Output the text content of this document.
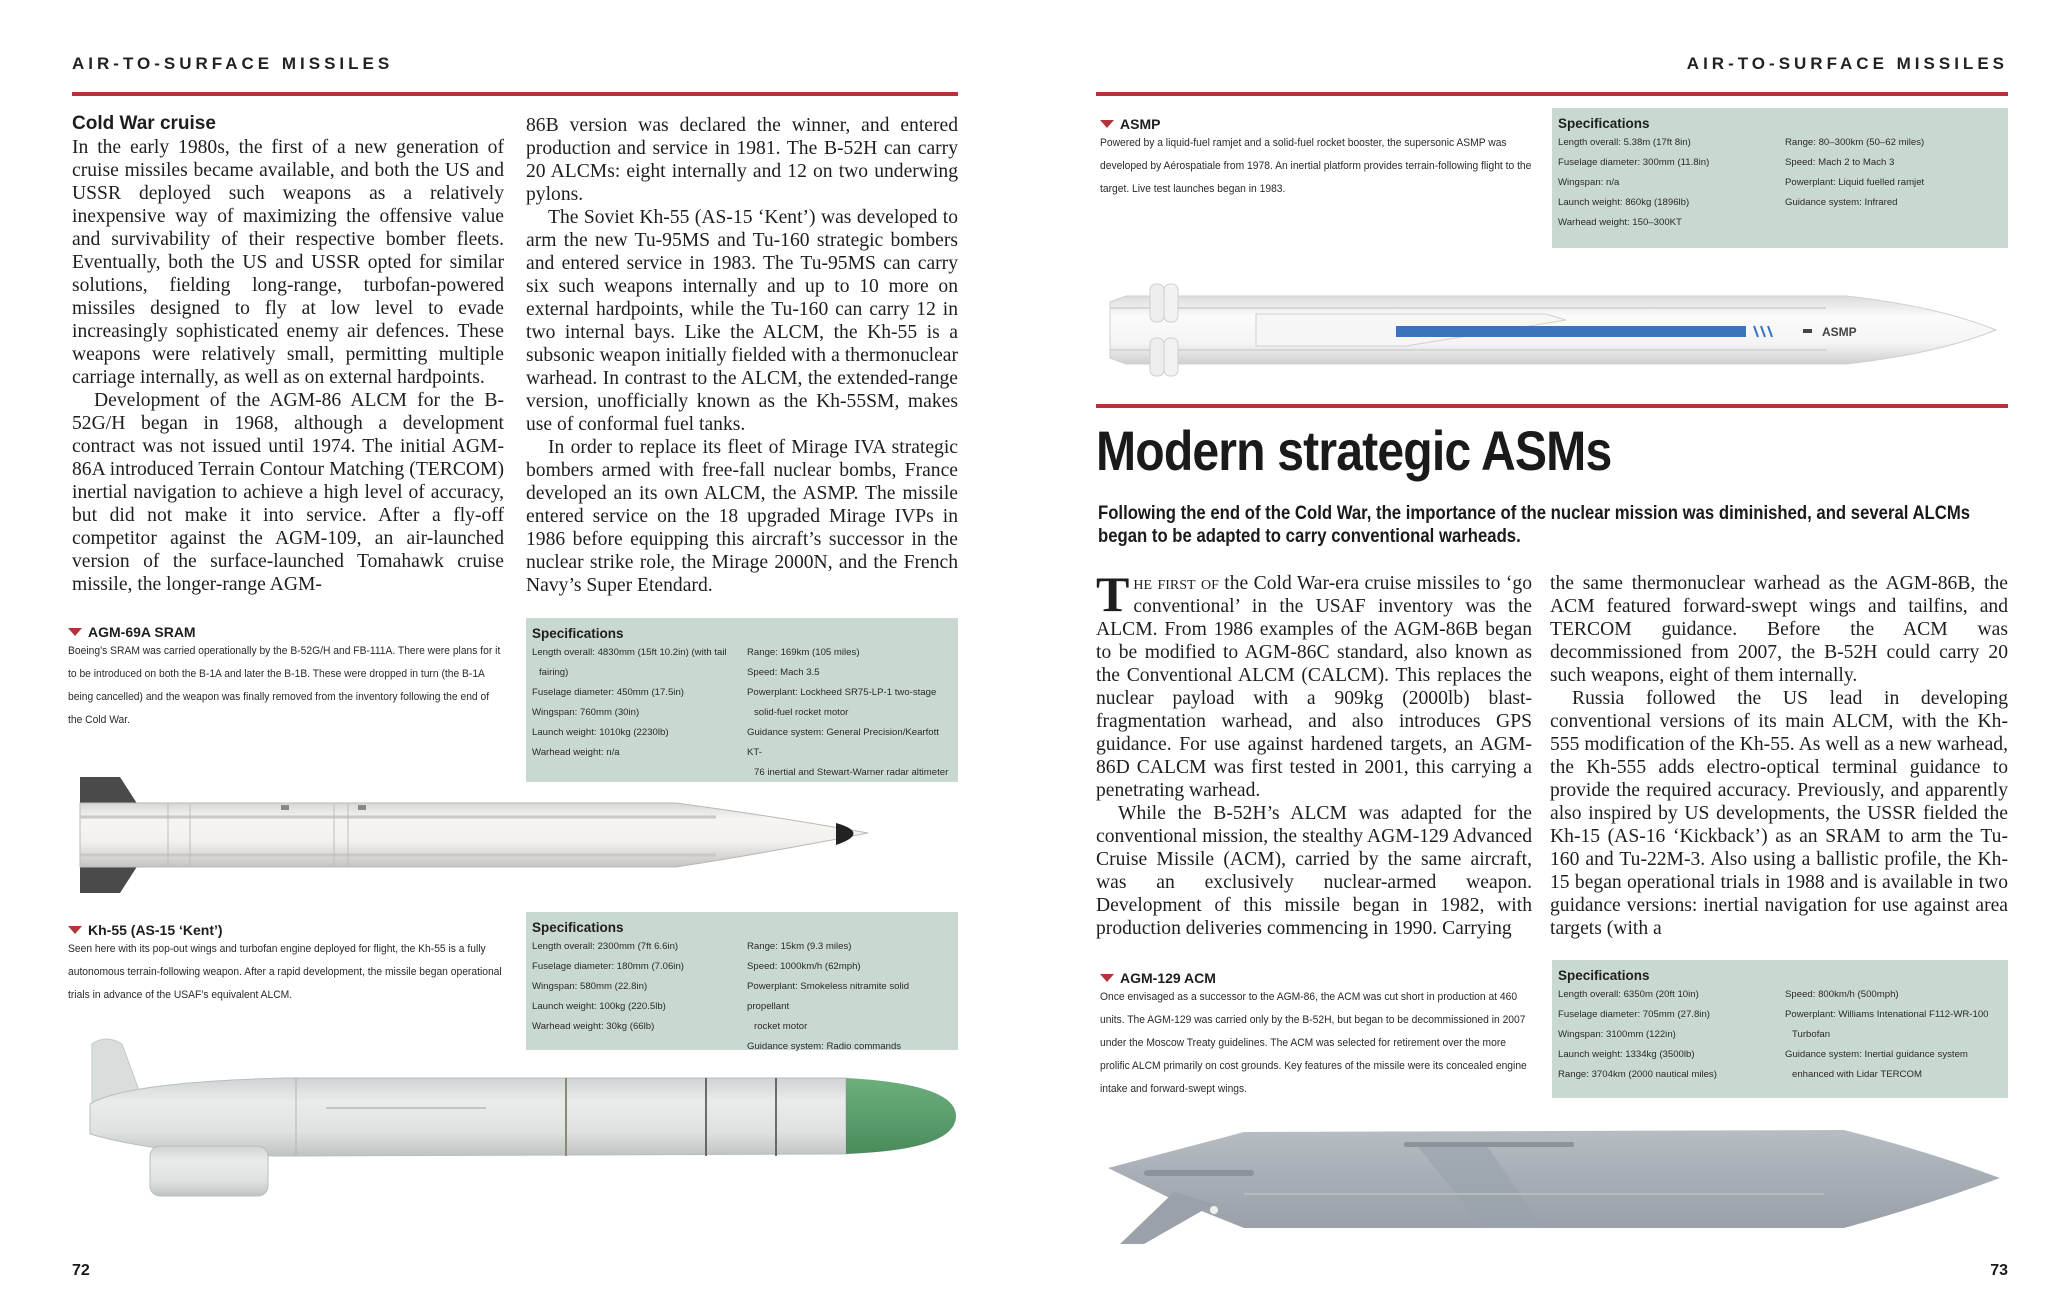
AIR-TO-SURFACE MISSILES
Cold War cruise

In the early 1980s, the first of a new generation of cruise missiles became available, and both the US and USSR deployed such weapons as a relatively inexpensive way of maximizing the offensive value and survivability of their respective bomber fleets. Eventually, both the US and USSR opted for similar solutions, fielding long-range, turbofan-powered missiles designed to fly at low level to evade increasingly sophisticated enemy air defences. These weapons were relatively small, permitting multiple carriage internally, as well as on external hardpoints.

Development of the AGM-86 ALCM for the B-52G/H began in 1968, although a development contract was not issued until 1974. The initial AGM-86A introduced Terrain Contour Matching (TERCOM) inertial navigation to achieve a high level of accuracy, but did not make it into service. After a fly-off competitor against the AGM-109, an air-launched version of the surface-launched Tomahawk cruise missile, the longer-range AGM-

86B version was declared the winner, and entered production and service in 1981. The B-52H can carry 20 ALCMs: eight internally and 12 on two underwing pylons.

The Soviet Kh-55 (AS-15 ‘Kent’) was developed to arm the new Tu-95MS and Tu-160 strategic bombers and entered service in 1983. The Tu-95MS can carry six such weapons internally and up to 10 more on external hardpoints, while the Tu-160 can carry 12 in two internal bays. Like the ALCM, the Kh-55 is a subsonic weapon initially fielded with a thermonuclear warhead. In contrast to the ALCM, the extended-range version, unofficially known as the Kh-55SM, makes use of conformal fuel tanks.

In order to replace its fleet of Mirage IVA strategic bombers armed with free-fall nuclear bombs, France developed an its own ALCM, the ASMP. The missile entered service on the 18 upgraded Mirage IVPs in 1986 before equipping this aircraft’s successor in the nuclear strike role, the Mirage 2000N, and the French Navy’s Super Etendard.

AGM-69A SRAM
Boeing’s SRAM was carried operationally by the B-52G/H and FB-111A. There were plans for it to be introduced on both the B-1A and later the B-1B. These were dropped in turn (the B-1A being cancelled) and the weapon was finally removed from the inventory following the end of the Cold War.
Specifications
Length overall: 4830mm (15ft 10.2in) (with tail
fairing)
Fuselage diameter: 450mm (17.5in)
Wingspan: 760mm (30in)
Launch weight: 1010kg (2230lb)
Warhead weight: n/a
Range: 169km (105 miles)
Speed: Mach 3.5
Powerplant: Lockheed SR75-LP-1 two-stage
solid-fuel rocket motor
Guidance system: General Precision/Kearfott KT-
76 inertial and Stewart-Warner radar altimeter
Kh-55 (AS-15 ‘Kent’)
Seen here with its pop-out wings and turbofan engine deployed for flight, the Kh-55 is a fully autonomous terrain-following weapon. After a rapid development, the missile began operational trials in advance of the USAF’s equivalent ALCM.
Specifications
Length overall: 2300mm (7ft 6.6in)
Fuselage diameter: 180mm (7.06in)
Wingspan: 580mm (22.8in)
Launch weight: 100kg (220.5lb)
Warhead weight: 30kg (66lb)
Range: 15km (9.3 miles)
Speed: 1000km/h (62mph)
Powerplant: Smokeless nitramite solid propellant
rocket motor
Guidance system: Radio commands
72
AIR-TO-SURFACE MISSILES
ASMP
Powered by a liquid-fuel ramjet and a solid-fuel rocket booster, the supersonic ASMP was developed by Aérospatiale from 1978. An inertial platform provides terrain-following flight to the target. Live test launches began in 1983.
Specifications
Length overall: 5.38m (17ft 8in)
Fuselage diameter: 300mm (11.8in)
Wingspan: n/a
Launch weight: 860kg (1896lb)
Warhead weight: 150–300KT
Range: 80–300km (50–62 miles)
Speed: Mach 2 to Mach 3
Powerplant: Liquid fuelled ramjet
Guidance system: Infrared
ASMP
Modern strategic ASMs
Following the end of the Cold War, the importance of the nuclear mission was diminished, and several ALCMs began to be adapted to carry conventional warheads.

The first of the Cold War-era cruise missiles to ‘go conventional’ in the USAF inventory was the ALCM. From 1986 examples of the AGM-86B began to be modified to AGM-86C standard, also known as the Conventional ALCM (CALCM). This replaces the nuclear payload with a 909kg (2000lb) blast-fragmentation warhead, and also introduces GPS guidance. For use against hardened targets, an AGM-86D CALCM was first tested in 2001, this carrying a penetrating warhead.

While the B-52H’s ALCM was adapted for the conventional mission, the stealthy AGM-129 Advanced Cruise Missile (ACM), carried by the same aircraft, was an exclusively nuclear-armed weapon. Development of this missile began in 1982, with production deliveries commencing in 1990. Carrying

the same thermonuclear warhead as the AGM-86B, the ACM featured forward-swept wings and tailfins, and TERCOM guidance. Before the ACM was decommissioned from 2007, the B-52H could carry 20 such weapons, eight of them internally.

Russia followed the US lead in developing conventional versions of its main ALCM, with the Kh-555 modification of the Kh-55. As well as a new warhead, the Kh-555 adds electro-optical terminal guidance to provide the required accuracy. Previously, and apparently also inspired by US developments, the USSR fielded the Kh-15 (AS-16 ‘Kickback’) as an SRAM to arm the Tu-160 and Tu-22M-3. Also using a ballistic profile, the Kh-15 began operational trials in 1988 and is available in two guidance versions: inertial navigation for use against area targets (with a

AGM-129 ACM
Once envisaged as a successor to the AGM-86, the ACM was cut short in production at 460 units. The AGM-129 was carried only by the B-52H, but began to be decommissioned in 2007 under the Moscow Treaty guidelines. The ACM was selected for retirement over the more prolific ALCM primarily on cost grounds. Key features of the missile were its concealed engine intake and forward-swept wings.
Specifications
Length overall: 6350m (20ft 10in)
Fuselage diameter: 705mm (27.8in)
Wingspan: 3100mm (122in)
Launch weight: 1334kg (3500lb)
Range: 3704km (2000 nautical miles)
Speed: 800km/h (500mph)
Powerplant: Williams Intenational F112-WR-100
Turbofan
Guidance system: Inertial guidance system
enhanced with Lidar TERCOM
73
